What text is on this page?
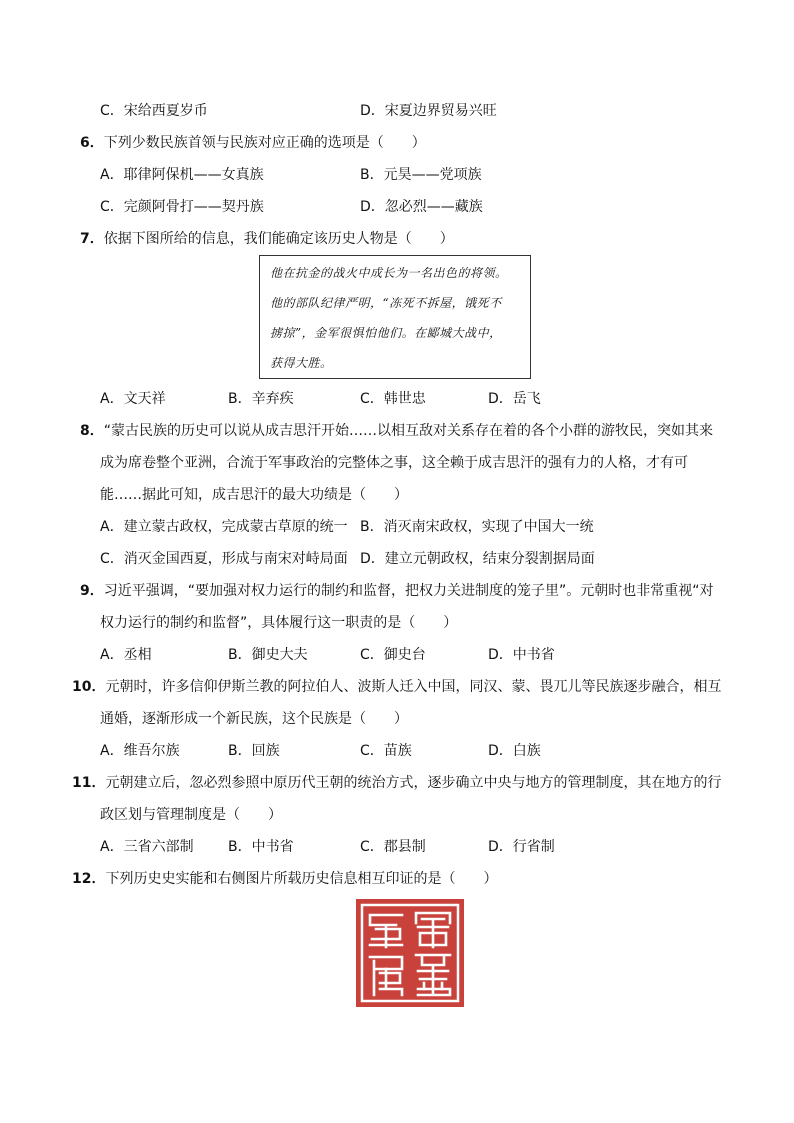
C．宋给西夏岁币	D．宋夏边界贸易兴旺
6．下列少数民族首领与民族对应正确的选项是（　　）
A．耶律阿保机——女真族	B．元昊——党项族
C．完颜阿骨打——契丹族	D．忽必烈——藏族
7．依据下图所给的信息，我们能确定该历史人物是（　　）
他在抗金的战火中成长为一名出色的将领。
他的部队纪律严明，“冻死不拆屋，饿死不
掳掠”，金军很惧怕他们。在郾城大战中，
获得大胜。
A．文天祥	B．辛弃疾	C．韩世忠	D．岳飞
8．“蒙古民族的历史可以说从成吉思汗开始……以相互敌对关系存在着的各个小群的游牧民，突如其来
成为席卷整个亚洲，合流于军事政治的完整体之事，这全赖于成吉思汗的强有力的人格，才有可
能……据此可知，成吉思汗的最大功绩是（　　）
A．建立蒙古政权，完成蒙古草原的统一 B．消灭南宋政权，实现了中国大一统
C．消灭金国西夏，形成与南宋对峙局面 D．建立元朝政权，结束分裂割据局面
9．习近平强调，“要加强对权力运行的制约和监督，把权力关进制度的笼子里”。元朝时也非常重视“对
权力运行的制约和监督”，具体履行这一职责的是（　　）
A．丞相	B．御史大夫	C．御史台	D．中书省
10．元朝时，许多信仰伊斯兰教的阿拉伯人、波斯人迁入中国，同汉、蒙、畏兀儿等民族逐步融合，相互
通婚，逐渐形成一个新民族，这个民族是（　　）
A．维吾尔族	B．回族	C．苗族	D．白族
11．元朝建立后，忽必烈参照中原历代王朝的统治方式，逐步确立中央与地方的管理制度，其在地方的行
政区划与管理制度是（　　）
A．三省六部制 B．中书省	C．郡县制	D．行省制
12．下列历史史实能和右侧图片所载历史信息相互印证的是（　　）
